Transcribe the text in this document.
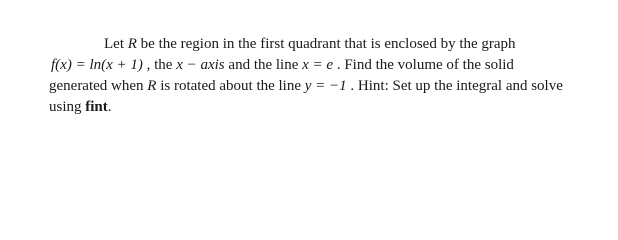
Let R be the region in the first quadrant that is enclosed by the graph
f(x) = ln(x + 1) , the x − axis and the line x = e . Find the volume of the solid
generated when R is rotated about the line y = −1 . Hint: Set up the integral and solve
using fint.
